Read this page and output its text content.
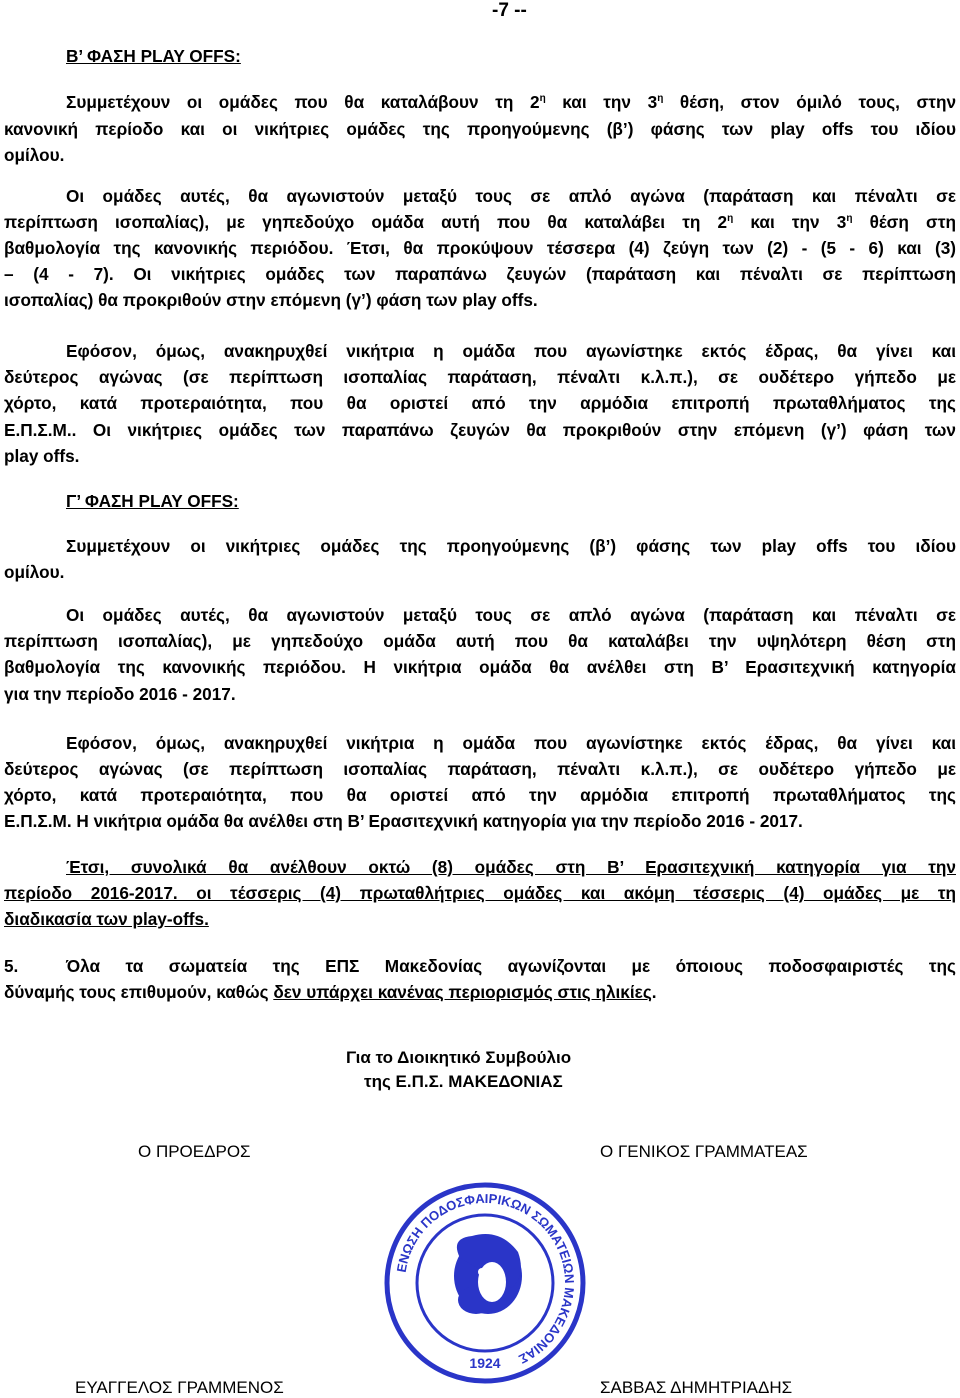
-7 --
Β’ ΦΑΣΗ PLAY OFFS:
Συμμετέχουν οι ομάδες που θα καταλάβουν τη $2^\eta$ και την $3^\eta$ θέση, στον όμιλό τους, στην
κανονική περίοδο και οι νικήτριες ομάδες της προηγούμενης (β’) φάσης των play offs του ιδίου
ομίλου.
Οι ομάδες αυτές, θα αγωνιστούν μεταξύ τους σε απλό αγώνα (παράταση και πέναλτι σε
περίπτωση ισοπαλίας), με γηπεδούχο ομάδα αυτή που θα καταλάβει τη $2^\eta$ και την $3^\eta$ θέση στη
βαθμολογία της κανονικής περιόδου. Έτσι, θα προκύψουν τέσσερα (4) ζεύγη των (2) - (5 - 6) και (3)
– (4 - 7). Οι νικήτριες ομάδες των παραπάνω ζευγών (παράταση και πέναλτι σε περίπτωση
ισοπαλίας) θα προκριθούν στην επόμενη (γ’) φάση των play offs.
Εφόσον, όμως, ανακηρυχθεί νικήτρια η ομάδα που αγωνίστηκε εκτός έδρας, θα γίνει και
δεύτερος αγώνας (σε περίπτωση ισοπαλίας παράταση, πέναλτι κ.λ.π.), σε ουδέτερο γήπεδο με
χόρτο, κατά προτεραιότητα, που θα οριστεί από την αρμόδια επιτροπή πρωταθλήματος της
Ε.Π.Σ.Μ.. Οι νικήτριες ομάδες των παραπάνω ζευγών θα προκριθούν στην επόμενη (γ’) φάση των
play offs.
Γ’ ΦΑΣΗ PLAY OFFS:
Συμμετέχουν οι νικήτριες ομάδες της προηγούμενης (β’) φάσης των play offs του ιδίου
ομίλου.
Οι ομάδες αυτές, θα αγωνιστούν μεταξύ τους σε απλό αγώνα (παράταση και πέναλτι σε
περίπτωση ισοπαλίας), με γηπεδούχο ομάδα αυτή που θα καταλάβει την υψηλότερη θέση στη
βαθμολογία της κανονικής περιόδου. Η νικήτρια ομάδα θα ανέλθει στη Β’ Ερασιτεχνική κατηγορία
για την περίοδο 2016 - 2017.
Εφόσον, όμως, ανακηρυχθεί νικήτρια η ομάδα που αγωνίστηκε εκτός έδρας, θα γίνει και
δεύτερος αγώνας (σε περίπτωση ισοπαλίας παράταση, πέναλτι κ.λ.π.), σε ουδέτερο γήπεδο με
χόρτο, κατά προτεραιότητα, που θα οριστεί από την αρμόδια επιτροπή πρωταθλήματος της
Ε.Π.Σ.Μ. Η νικήτρια ομάδα θα ανέλθει στη Β’ Ερασιτεχνική κατηγορία για την περίοδο 2016 - 2017.
Έτσι, συνολικά θα ανέλθουν οκτώ (8) ομάδες στη Β’ Ερασιτεχνική κατηγορία για την
περίοδο 2016-2017. οι τέσσερις (4) πρωταθλήτριες ομάδες και ακόμη τέσσερις (4) ομάδες με τη
διαδικασία των play-offs.
5.	Όλα τα σωματεία της ΕΠΣ Μακεδονίας αγωνίζονται με όποιους ποδοσφαιριστές της
δύναμής τους επιθυμούν, καθώς δεν υπάρχει κανένας περιορισμός στις ηλικίες.
Για το Διοικητικό Συμβούλιο
της Ε.Π.Σ. ΜΑΚΕΔΟΝΙΑΣ
Ο ΠΡΟΕΔΡΟΣ	Ο ΓΕΝΙΚΟΣ ΓΡΑΜΜΑΤΕΑΣ
ΕΝΩΣΗ ΠΟΔΟΣΦΑΙΡΙΚΩΝ ΣΩΜΑΤΕΙΩΝ ΜΑΚΕΔΟΝΙΑΣ
1924
ΕΥΑΓΓΕΛΟΣ ΓΡΑΜΜΕΝΟΣ	ΣΑΒΒΑΣ ΔΗΜΗΤΡΙΑΔΗΣ
